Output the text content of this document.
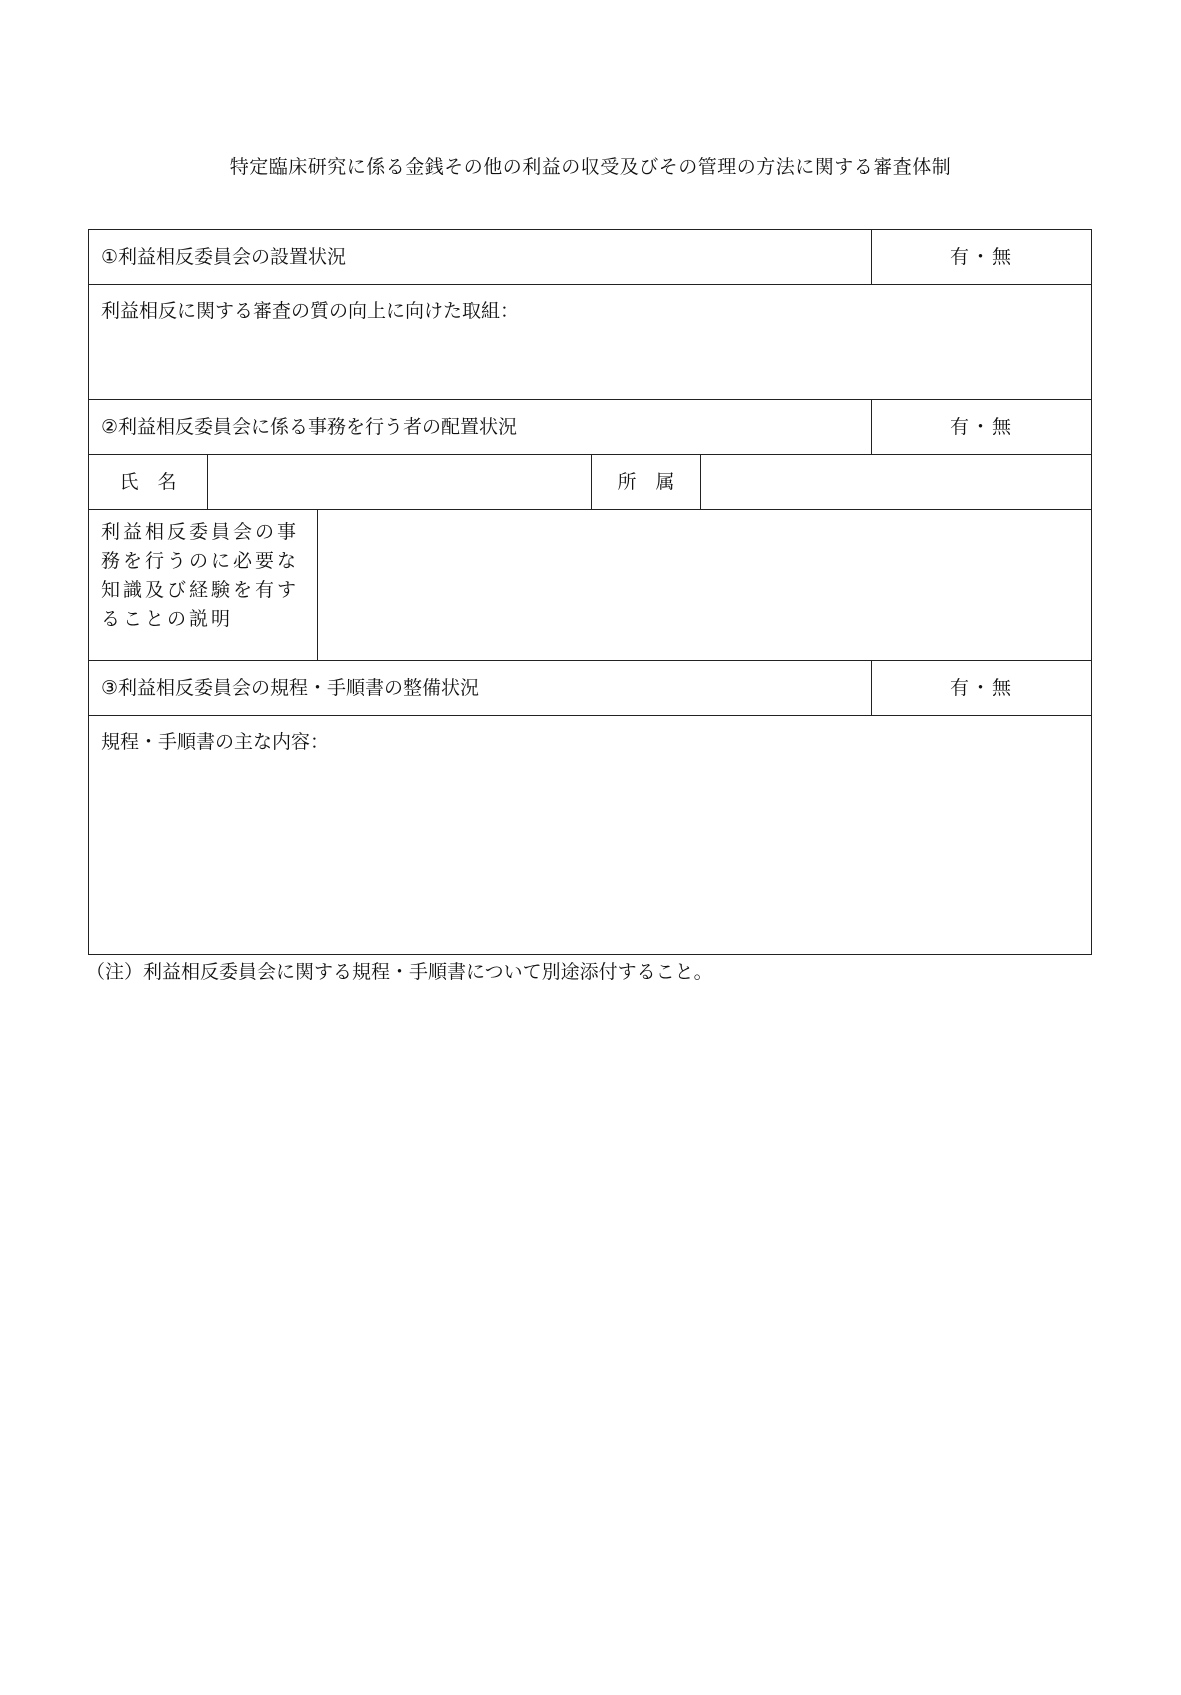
特定臨床研究に係る金銭その他の利益の収受及びその管理の方法に関する審査体制
①利益相反委員会の設置状況	有・無
利益相反に関する審査の質の向上に向けた取組：
②利益相反委員会に係る事務を行う者の配置状況	有・無
氏　名	所　属
利益相反委員会の事務を行うのに必要な知識及び経験を有することの説明
③利益相反委員会の規程・手順書の整備状況	有・無
規程・手順書の主な内容：
（注）利益相反委員会に関する規程・手順書について別途添付すること。
